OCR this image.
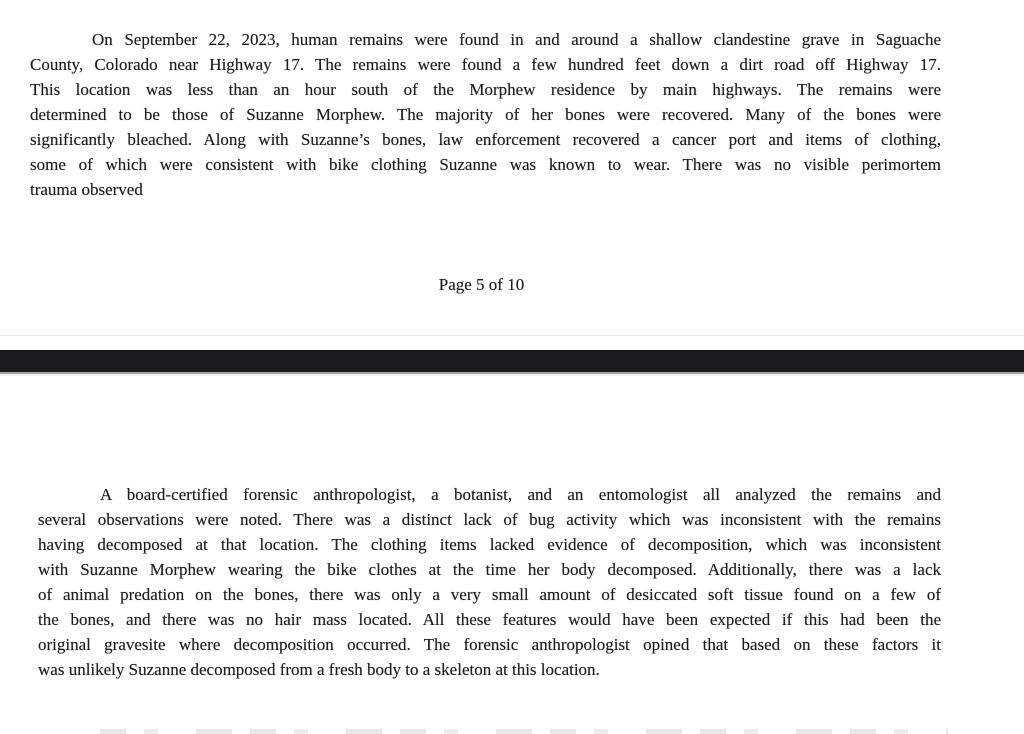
On September 22, 2023, human remains were found in and around a shallow clandestine grave in Saguache
County, Colorado near Highway 17. The remains were found a few hundred feet down a dirt road off Highway 17.
This location was less than an hour south of the Morphew residence by main highways. The remains were
determined to be those of Suzanne Morphew. The majority of her bones were recovered. Many of the bones were
significantly bleached. Along with Suzanne’s bones, law enforcement recovered a cancer port and items of clothing,
some of which were consistent with bike clothing Suzanne was known to wear. There was no visible perimortem
trauma observed
Page 5 of 10
A board-certified forensic anthropologist, a botanist, and an entomologist all analyzed the remains and
several observations were noted. There was a distinct lack of bug activity which was inconsistent with the remains
having decomposed at that location. The clothing items lacked evidence of decomposition, which was inconsistent
with Suzanne Morphew wearing the bike clothes at the time her body decomposed. Additionally, there was a lack
of animal predation on the bones, there was only a very small amount of desiccated soft tissue found on a few of
the bones, and there was no hair mass located. All these features would have been expected if this had been the
original gravesite where decomposition occurred. The forensic anthropologist opined that based on these factors it
was unlikely Suzanne decomposed from a fresh body to a skeleton at this location.
